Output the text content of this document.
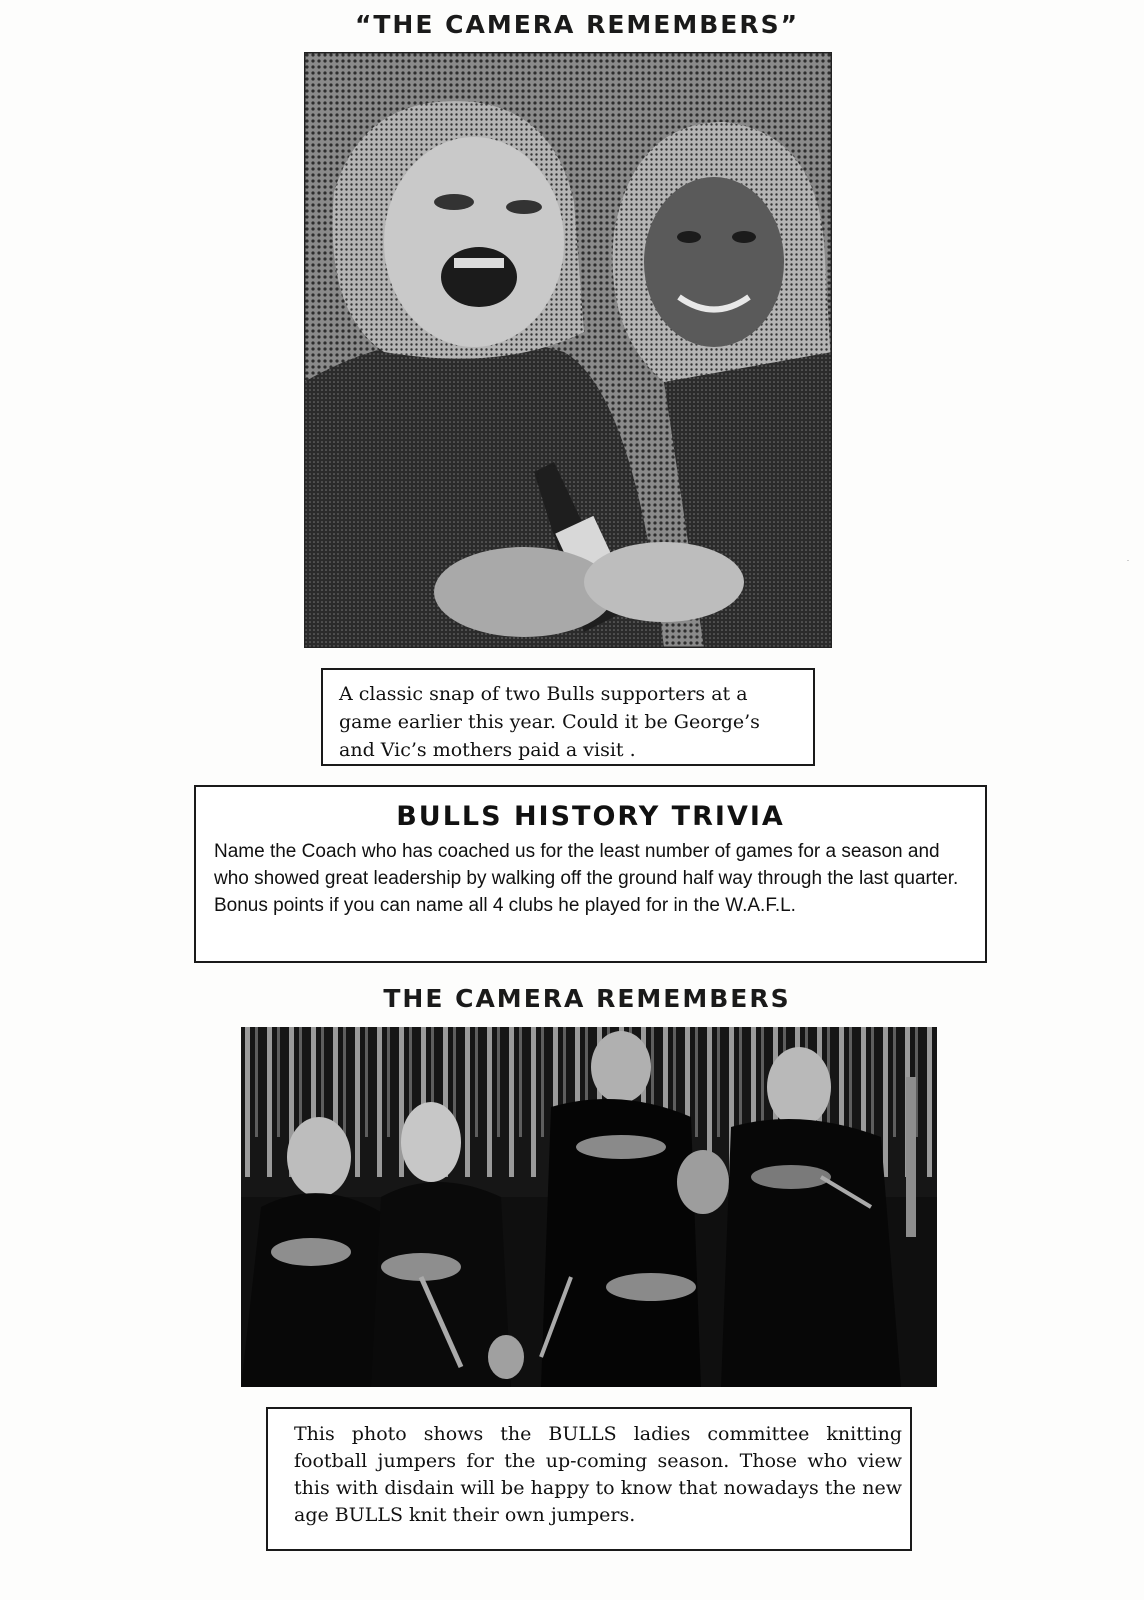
“THE CAMERA REMEMBERS”
A classic snap of two Bulls supporters at a game earlier this year. Could it be George’s and Vic’s mothers paid a visit .
BULLS HISTORY TRIVIA
Name the Coach who has coached us for the least number of games for a season and who showed great leadership by walking off the ground half way through the last quarter. Bonus points if you can name all 4 clubs he played for in the W.A.F.L.
THE CAMERA REMEMBERS
This photo shows the BULLS ladies committee knitting football jumpers for the up-coming season. Those who view this with disdain will be happy to know that nowadays the new age BULLS knit their own jumpers.
